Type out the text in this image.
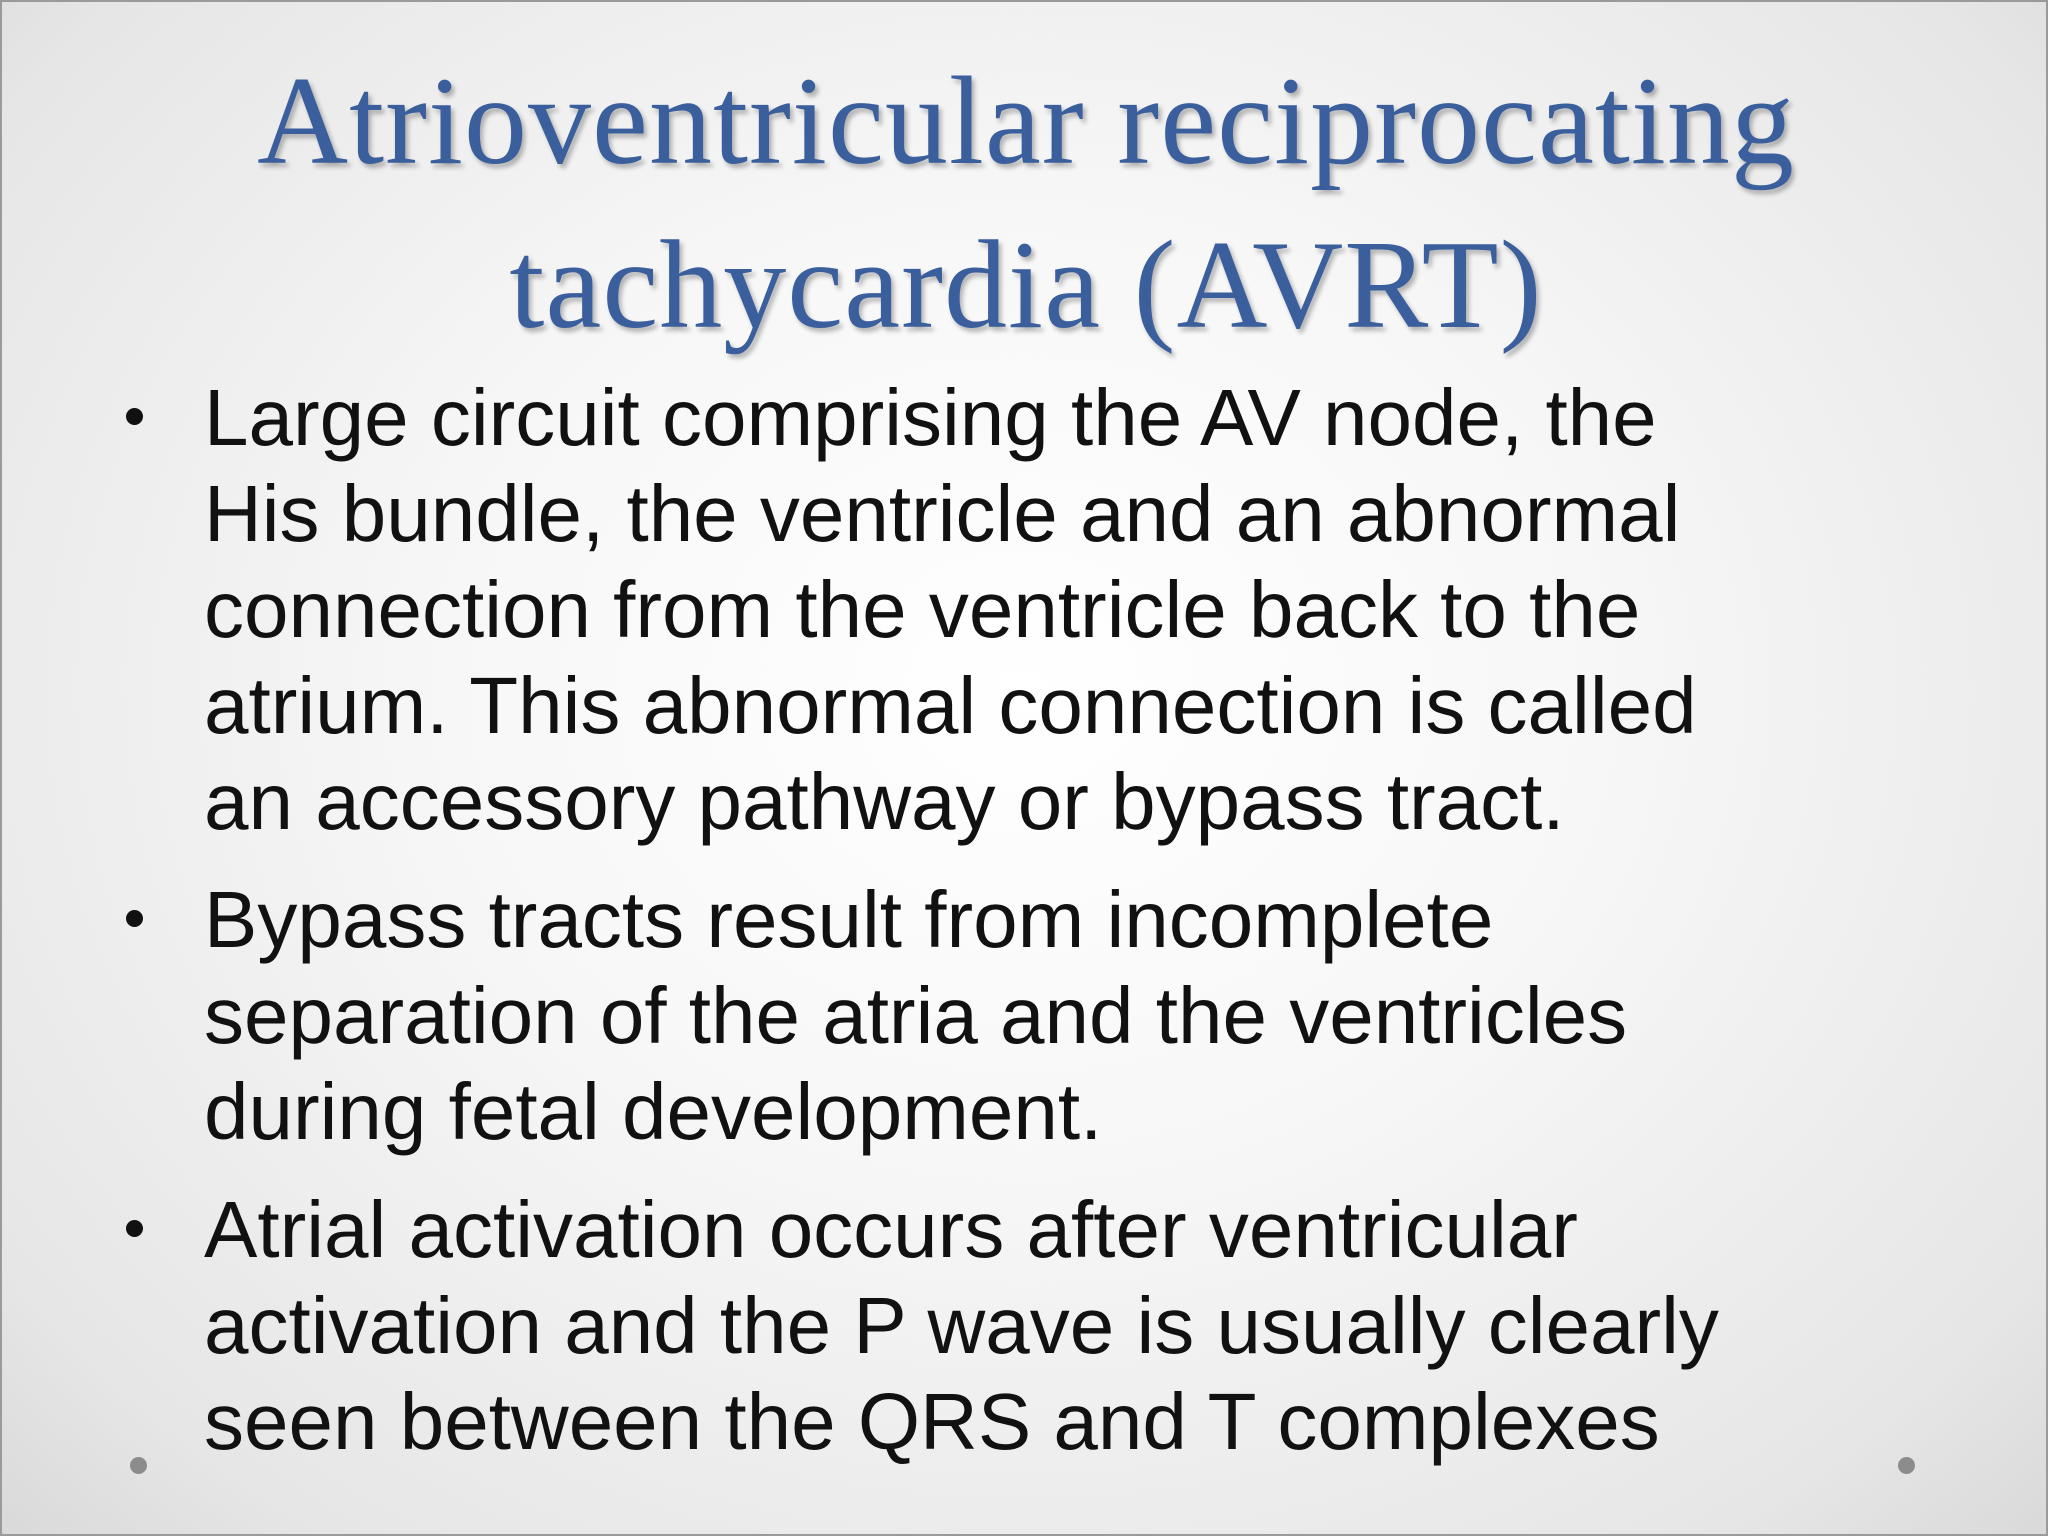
Atrioventricular reciprocating
tachycardia (AVRT)
Large circuit comprising the AV node, the
His bundle, the ventricle and an abnormal
connection from the ventricle back to the
atrium. This abnormal connection is called
an accessory pathway or bypass tract.
Bypass tracts result from incomplete
separation of the atria and the ventricles
during fetal development.
Atrial activation occurs after ventricular
activation and the P wave is usually clearly
seen between the QRS and T complexes
